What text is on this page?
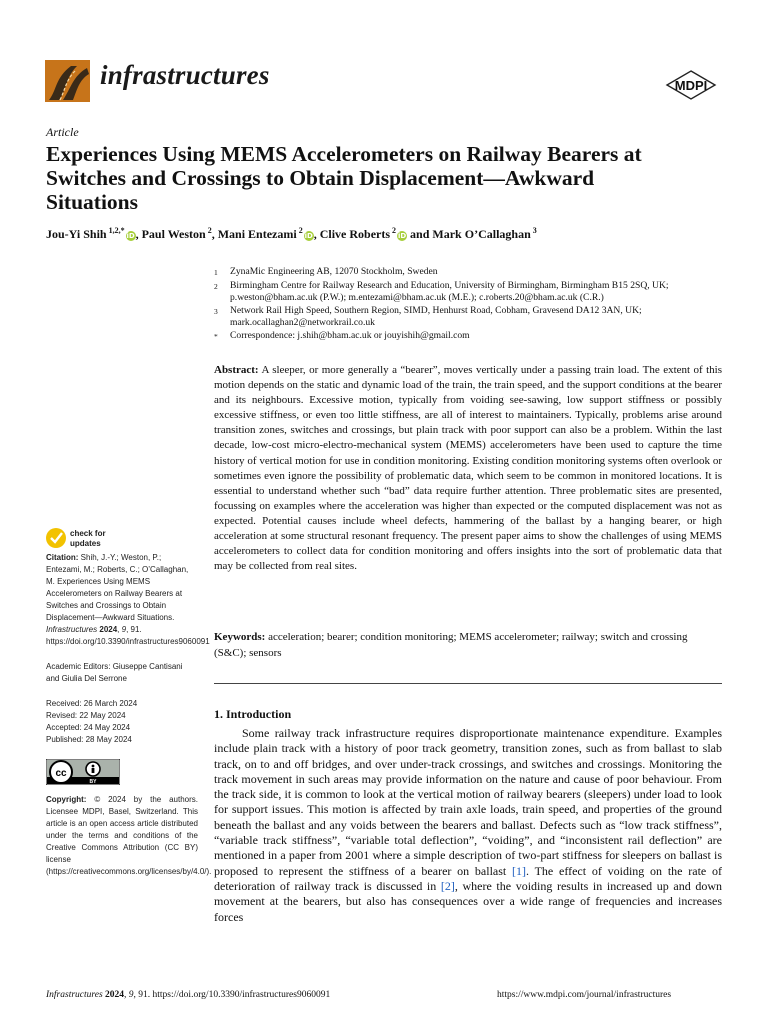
infrastructures	MDPI
Article
Experiences Using MEMS Accelerometers on Railway Bearers at Switches and Crossings to Obtain Displacement—Awkward Situations
Jou-Yi Shih $^{1,2,*}$iD, Paul Weston $^2$, Mani Entezami $^2$iD, Clive Roberts $^2$iD and Mark O’Callaghan $^3$
1	ZynaMic Engineering AB, 12070 Stockholm, Sweden
2	Birmingham Centre for Railway Research and Education, University of Birmingham, Birmingham B15 2SQ, UK; p.weston@bham.ac.uk (P.W.); m.entezami@bham.ac.uk (M.E.); c.roberts.20@bham.ac.uk (C.R.)
3	Network Rail High Speed, Southern Region, SIMD, Henhurst Road, Cobham, Gravesend DA12 3AN, UK; mark.ocallaghan2@networkrail.co.uk
*	Correspondence: j.shih@bham.ac.uk or jouyishih@gmail.com
Abstract: A sleeper, or more generally a “bearer”, moves vertically under a passing train load. The extent of this motion depends on the static and dynamic load of the train, the train speed, and the support conditions at the bearer and its neighbours. Excessive motion, typically from voiding see-sawing, low support stiffness or possibly excessive stiffness, or even too little stiffness, are all of interest to maintainers. Typically, problems arise around transition zones, switches and crossings, but plain track with poor support can also be a problem. Within the last decade, low-cost micro-electro-mechanical system (MEMS) accelerometers have been used to capture the time history of vertical motion for use in condition monitoring. Existing condition monitoring systems often overlook or sometimes even ignore the possibility of problematic data, which seem to be common in monitored locations. It is essential to understand whether such “bad” data require further attention. Three problematic sites are presented, focussing on examples where the acceleration was higher than expected or the computed displacement was not as expected. Potential causes include wheel defects, hammering of the ballast by a hanging bearer, or high acceleration at some structural resonant frequency. The present paper aims to show the challenges of using MEMS accelerometers to collect data for condition monitoring and offers insights into the sort of problematic data that may be collected from real sites.
Keywords: acceleration; bearer; condition monitoring; MEMS accelerometer; railway; switch and crossing (S&C); sensors
1. Introduction

Some railway track infrastructure requires disproportionate maintenance expenditure. Examples include plain track with a history of poor track geometry, transition zones, such as from ballast to slab track, on to and off bridges, and over under-track crossings, and switches and crossings. Monitoring the track movement in such areas may provide information on the nature and cause of poor behaviour. From the track side, it is common to look at the vertical motion of railway bearers (sleepers) under load to look for support issues. This motion is affected by train axle loads, train speed, and properties of the ground beneath the ballast and any voids between the bearers and ballast. Defects such as “low track stiffness”, “variable track stiffness”, “variable total deflection”, “voiding”, and “inconsistent rail deflection” are mentioned in a paper from 2001 where a simple description of two-part stiffness for sleepers on ballast is proposed to represent the stiffness of a bearer on ballast [1]. The effect of voiding on the rate of deterioration of railway track is discussed in [2], where the voiding results in increased up and down movement at the bearers, but also has consequences over a wide range of frequencies and increases forces

check for
updates
Citation: Shih, J.-Y.; Weston, P.; Entezami, M.; Roberts, C.; O’Callaghan, M. Experiences Using MEMS Accelerometers on Railway Bearers at Switches and Crossings to Obtain Displacement—Awkward Situations. Infrastructures 2024, 9, 91. https://doi.org/10.3390/infrastructures9060091
Academic Editors: Giuseppe Cantisani and Giulia Del Serrone
Received: 26 March 2024
Revised: 22 May 2024
Accepted: 24 May 2024
Published: 28 May 2024
cc
BY
Copyright: © 2024 by the authors. Licensee MDPI, Basel, Switzerland. This article is an open access article distributed under the terms and conditions of the Creative Commons Attribution (CC BY) license (https://creativecommons.org/licenses/by/4.0/).
Infrastructures 2024, 9, 91. https://doi.org/10.3390/infrastructures9060091	https://www.mdpi.com/journal/infrastructures
